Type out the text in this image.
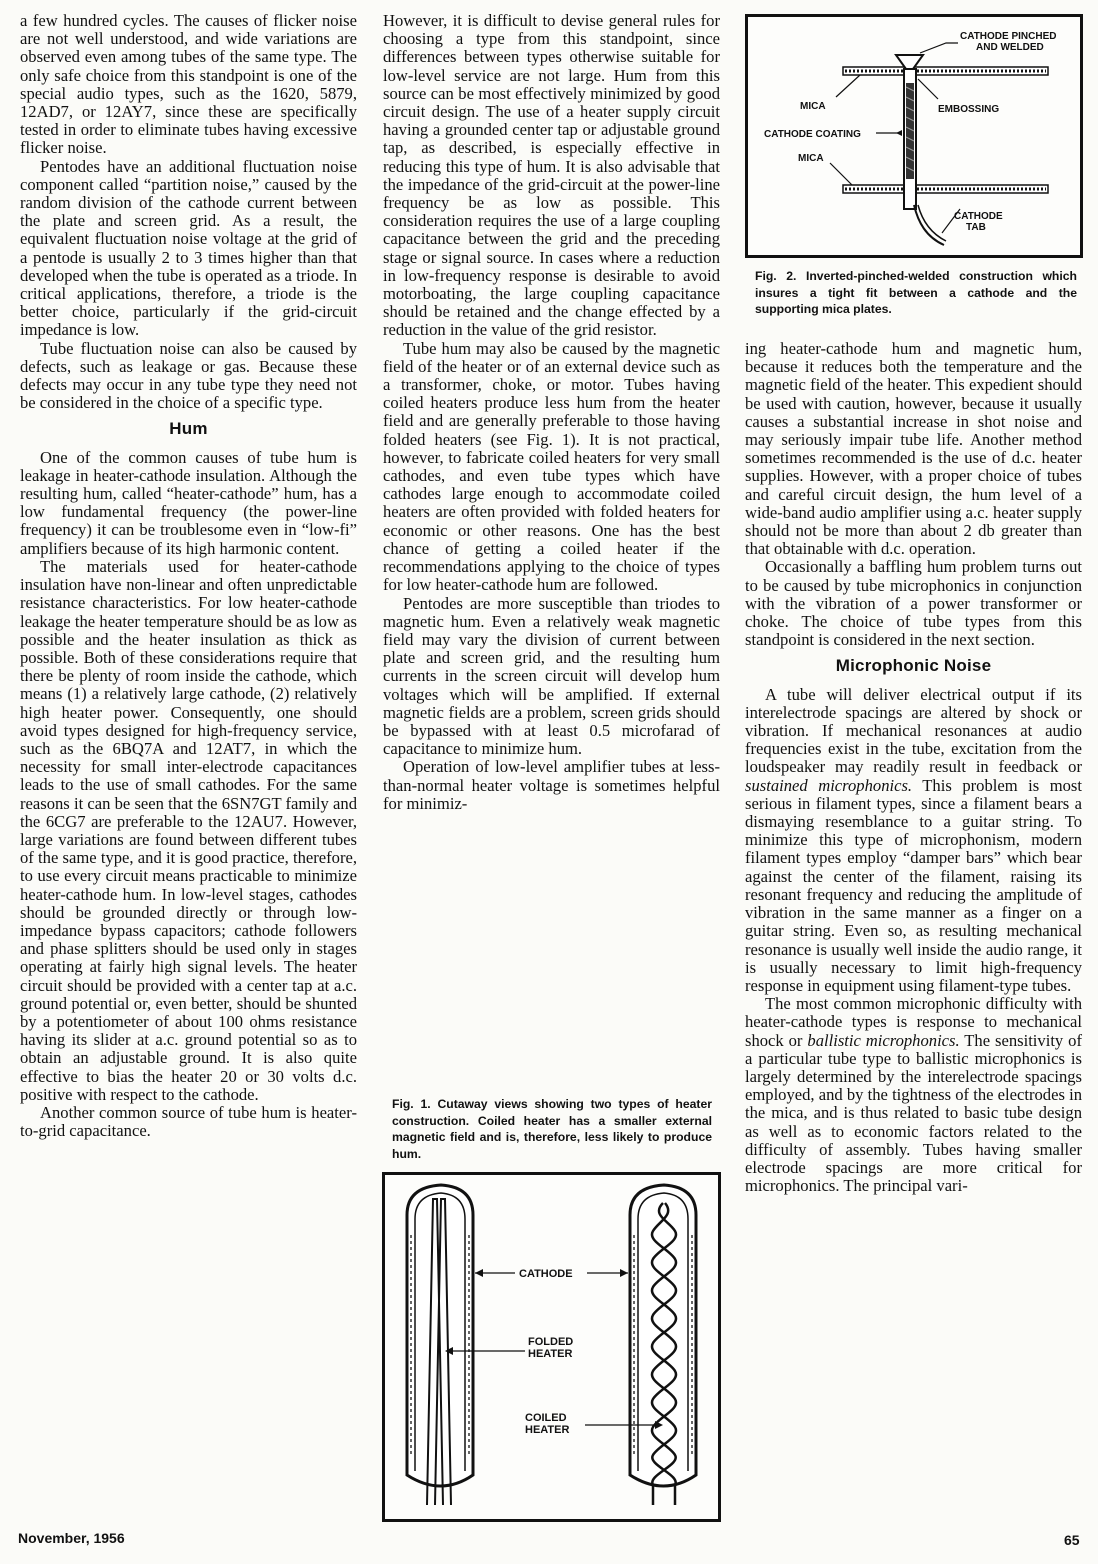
a few hundred cycles. The causes of flicker noise are not well understood, and wide variations are observed even among tubes of the same type. The only safe choice from this standpoint is one of the special audio types, such as the 1620, 5879, 12AD7, or 12AY7, since these are specifically tested in order to eliminate tubes having excessive flicker noise.

Pentodes have an additional fluctuation noise component called “partition noise,” caused by the random division of the cathode current between the plate and screen grid. As a result, the equivalent fluctuation noise voltage at the grid of a pentode is usually 2 to 3 times higher than that developed when the tube is operated as a triode. In critical applications, therefore, a triode is the better choice, particularly if the grid-circuit impedance is low.

Tube fluctuation noise can also be caused by defects, such as leakage or gas. Because these defects may occur in any tube type they need not be considered in the choice of a specific type.

Hum

One of the common causes of tube hum is leakage in heater-cathode insulation. Although the resulting hum, called “heater-cathode” hum, has a low fundamental frequency (the power-line frequency) it can be troublesome even in “low-fi” amplifiers because of its high harmonic content.

The materials used for heater-cathode insulation have non-linear and often unpredictable resistance characteristics. For low heater-cathode leakage the heater temperature should be as low as possible and the heater insulation as thick as possible. Both of these considerations require that there be plenty of room inside the cathode, which means (1) a relatively large cathode, (2) relatively high heater power. Consequently, one should avoid types designed for high-frequency service, such as the 6BQ7A and 12AT7, in which the necessity for small inter-electrode capacitances leads to the use of small cathodes. For the same reasons it can be seen that the 6SN7GT family and the 6CG7 are preferable to the 12AU7. However, large variations are found between different tubes of the same type, and it is good practice, therefore, to use every circuit means practicable to minimize heater-cathode hum. In low-level stages, cathodes should be grounded directly or through low-impedance bypass capacitors; cathode followers and phase splitters should be used only in stages operating at fairly high signal levels. The heater circuit should be provided with a center tap at a.c. ground potential or, even better, should be shunted by a potentiometer of about 100 ohms resistance having its slider at a.c. ground potential so as to obtain an adjustable ground. It is also quite effective to bias the heater 20 or 30 volts d.c. positive with respect to the cathode.

Another common source of tube hum is heater-to-grid capacitance.

However, it is difficult to devise general rules for choosing a type from this standpoint, since differences between types otherwise suitable for low-level service are not large. Hum from this source can be most effectively minimized by good circuit design. The use of a heater supply circuit having a grounded center tap or adjustable ground tap, as described, is especially effective in reducing this type of hum. It is also advisable that the impedance of the grid-circuit at the power-line frequency be as low as possible. This consideration requires the use of a large coupling capacitance between the grid and the preceding stage or signal source. In cases where a reduction in low-frequency response is desirable to avoid motorboating, the large coupling capacitance should be retained and the change effected by a reduction in the value of the grid resistor.

Tube hum may also be caused by the magnetic field of the heater or of an external device such as a transformer, choke, or motor. Tubes having coiled heaters produce less hum from the heater field and are generally preferable to those having folded heaters (see Fig. 1). It is not practical, however, to fabricate coiled heaters for very small cathodes, and even tube types which have cathodes large enough to accommodate coiled heaters are often provided with folded heaters for economic or other reasons. One has the best chance of getting a coiled heater if the recommendations applying to the choice of types for low heater-cathode hum are followed.

Pentodes are more susceptible than triodes to magnetic hum. Even a relatively weak magnetic field may vary the division of current between plate and screen grid, and the resulting hum currents in the screen circuit will develop hum voltages which will be amplified. If external magnetic fields are a problem, screen grids should be bypassed with at least 0.5 microfarad of capacitance to minimize hum.

Operation of low-level amplifier tubes at less-than-normal heater voltage is sometimes helpful for minimiz-

CATHODE PINCHED
AND WELDED
MICA	EMBOSSING
CATHODE COATING
MICA
CATHODE
TAB
Fig. 2. Inverted-pinched-welded construction which insures a tight fit between a cathode and the supporting mica plates.

ing heater-cathode hum and magnetic hum, because it reduces both the temperature and the magnetic field of the heater. This expedient should be used with caution, however, because it usually causes a substantial increase in shot noise and may seriously impair tube life. Another method sometimes recommended is the use of d.c. heater supplies. However, with a proper choice of tubes and careful circuit design, the hum level of a wide-band audio amplifier using a.c. heater supply should not be more than about 2 db greater than that obtainable with d.c. operation.

Occasionally a baffling hum problem turns out to be caused by tube microphonics in conjunction with the vibration of a power transformer or choke. The choice of tube types from this standpoint is considered in the next section.

Microphonic Noise

A tube will deliver electrical output if its interelectrode spacings are altered by shock or vibration. If mechanical resonances at audio frequencies exist in the tube, excitation from the loudspeaker may readily result in feedback or sustained microphonics. This problem is most serious in filament types, since a filament bears a dismaying resemblance to a guitar string. To minimize this type of microphonism, modern filament types employ “damper bars” which bear against the center of the filament, raising its resonant frequency and reducing the amplitude of vibration in the same manner as a finger on a guitar string. Even so, as resulting mechanical resonance is usually well inside the audio range, it is usually necessary to limit high-frequency response in equipment using filament-type tubes.

The most common microphonic difficulty with heater-cathode types is response to mechanical shock or ballistic microphonics. The sensitivity of a particular tube type to ballistic microphonics is largely determined by the interelectrode spacings employed, and by the tightness of the electrodes in the mica, and is thus related to basic tube design as well as to economic factors related to the difficulty of assembly. Tubes having smaller electrode spacings are more critical for microphonics. The principal vari-

Fig. 1. Cutaway views showing two types of heater construction. Coiled heater has a smaller external magnetic field and is, therefore, less likely to produce hum.
CATHODE
FOLDED
HEATER
COILED
HEATER
November, 1956	65
